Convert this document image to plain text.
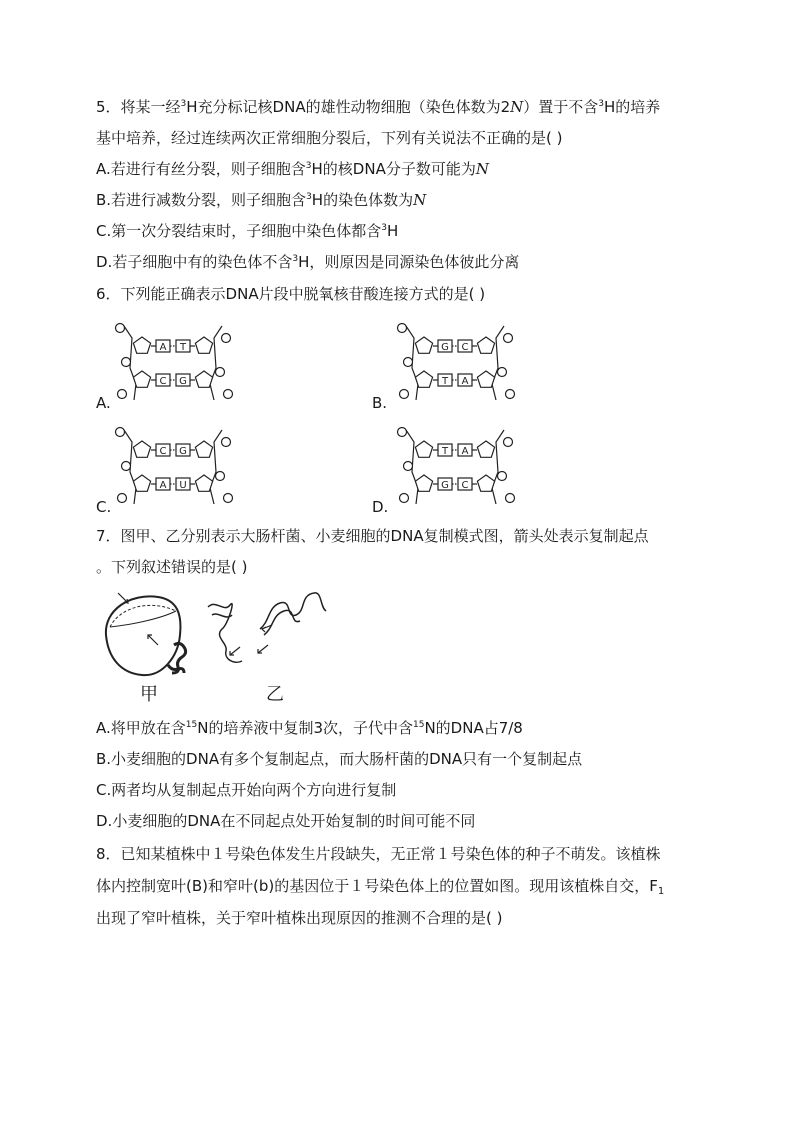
5．将某一经$^3$H充分标记核DNA的雄性动物细胞（染色体数为2N）置于不含$^3$H的培养
基中培养，经过连续两次正常细胞分裂后，下列有关说法不正确的是( )
A.若进行有丝分裂，则子细胞含$^3$H的核DNA分子数可能为N
B.若进行减数分裂，则子细胞含$^3$H的染色体数为N
C.第一次分裂结束时，子细胞中染色体都含$^3$H
D.若子细胞中有的染色体不含$^3$H，则原因是同源染色体彼此分离
6．下列能正确表示DNA片段中脱氧核苷酸连接方式的是( )
A.
A T
C G
B.
G C
T A
C.
C G
A U
D.
T A
G C
7．图甲、乙分别表示大肠杆菌、小麦细胞的DNA复制模式图，箭头处表示复制起点
。下列叙述错误的是( )
甲	乙
A.将甲放在含$^{15}$N的培养液中复制3次，子代中含$^{15}$N的DNA占7/8
B.小麦细胞的DNA有多个复制起点，而大肠杆菌的DNA只有一个复制起点
C.两者均从复制起点开始向两个方向进行复制
D.小麦细胞的DNA在不同起点处开始复制的时间可能不同
8．已知某植株中１号染色体发生片段缺失，无正常１号染色体的种子不萌发。该植株
体内控制宽叶(B)和窄叶(b)的基因位于１号染色体上的位置如图。现用该植株自交，$F_1$
出现了窄叶植株，关于窄叶植株出现原因的推测不合理的是( )
